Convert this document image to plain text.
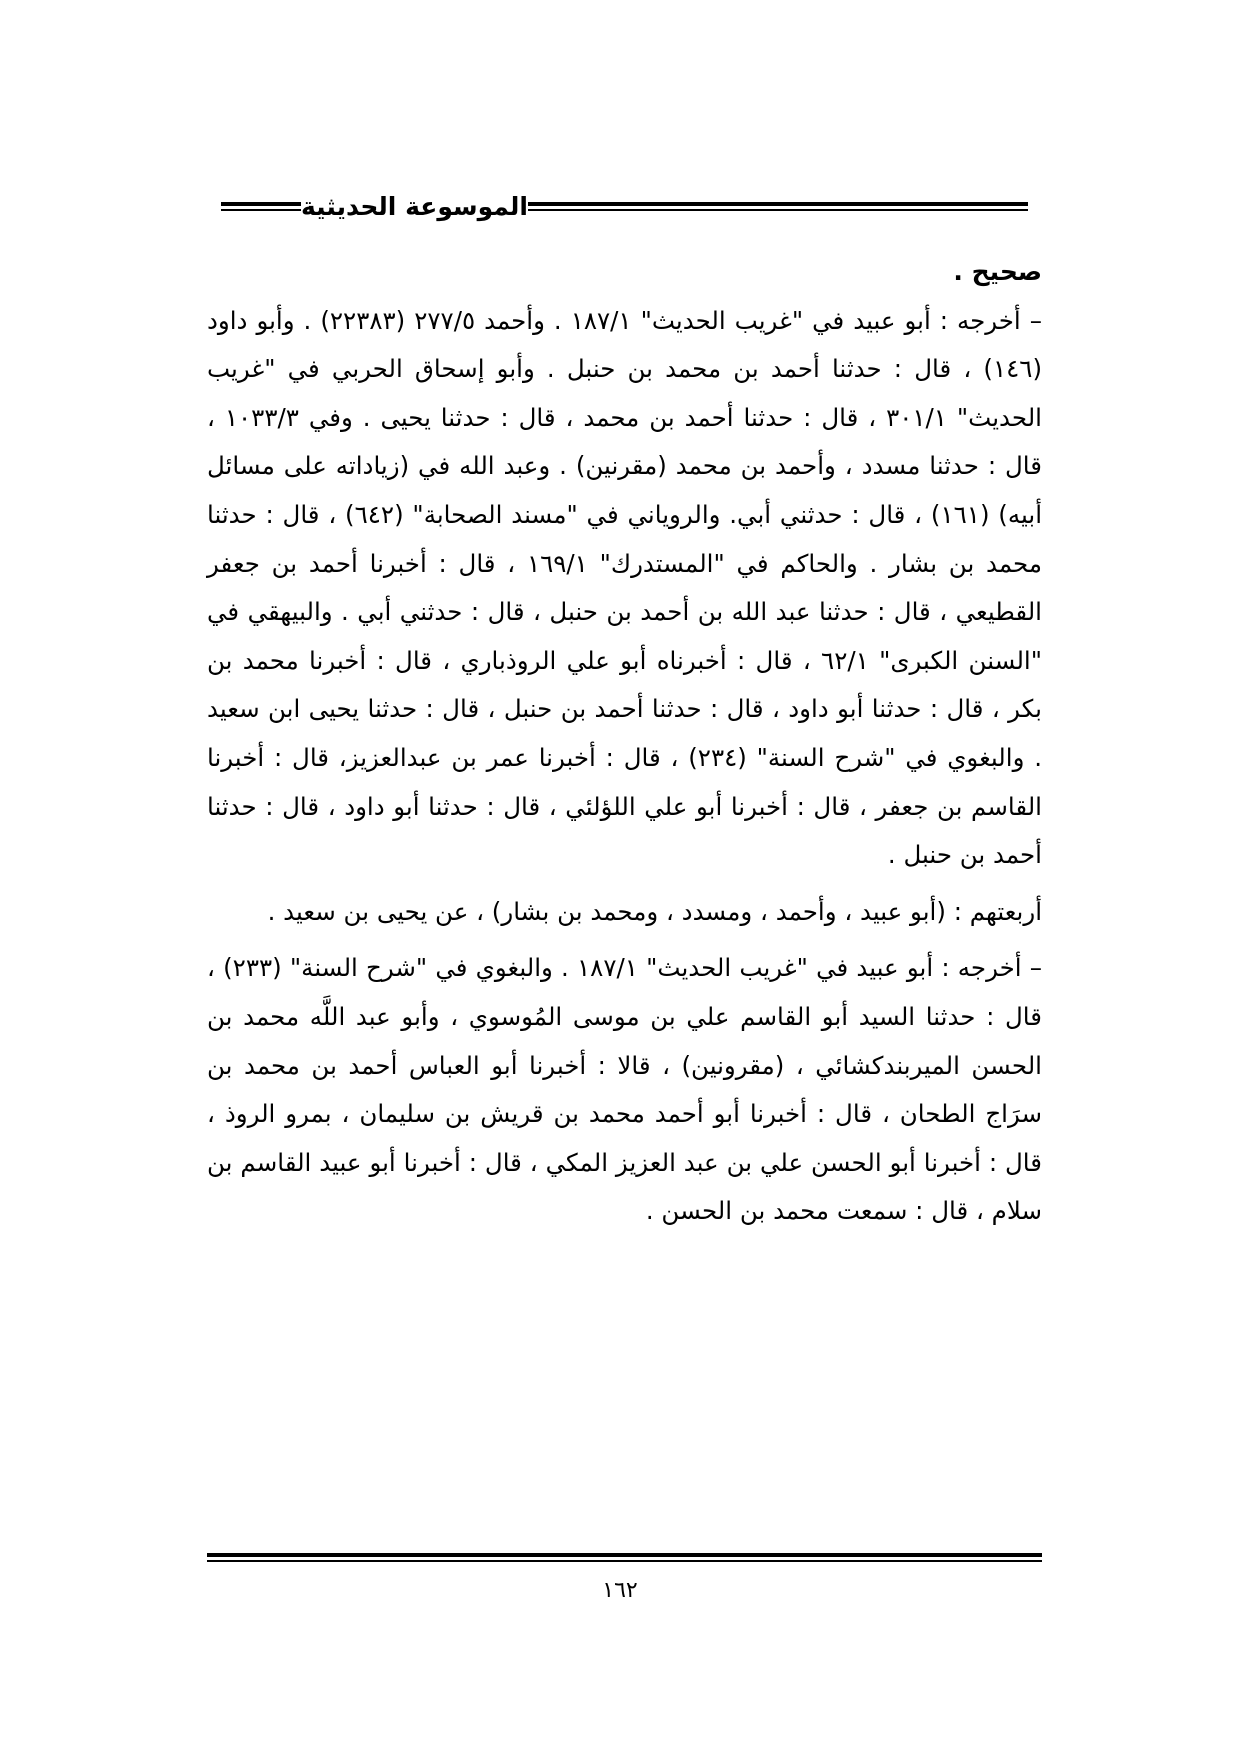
الموسوعة الحديثية

صحيح .

– أخرجه : أبو عبيد في "غريب الحديث" ١٨٧/١ . وأحمد ٢٧٧/٥ (٢٢٣٨٣) . وأبو داود (١٤٦) ، قال : حدثنا أحمد بن محمد بن حنبل . وأبو إسحاق الحربي في "غريب الحديث" ٣٠١/١ ، قال : حدثنا أحمد بن محمد ، قال : حدثنا يحيى . وفي ١٠٣٣/٣ ، قال : حدثنا مسدد ، وأحمد بن محمد (مقرنين) . وعبد الله في (زياداته على مسائل أبيه) (١٦١) ، قال : حدثني أبي. والروياني في "مسند الصحابة" (٦٤٢) ، قال : حدثنا محمد بن بشار . والحاكم في "المستدرك" ١٦٩/١ ، قال : أخبرنا أحمد بن جعفر القطيعي ، قال : حدثنا عبد الله بن أحمد بن حنبل ، قال : حدثني أبي . والبيهقي في "السنن الكبرى" ٦٢/١ ، قال : أخبرناه أبو علي الروذباري ، قال : أخبرنا محمد بن بكر ، قال : حدثنا أبو داود ، قال : حدثنا أحمد بن حنبل ، قال : حدثنا يحيى ابن سعيد . والبغوي في "شرح السنة" (٢٣٤) ، قال : أخبرنا عمر بن عبدالعزيز، قال : أخبرنا القاسم بن جعفر ، قال : أخبرنا أبو علي اللؤلئي ، قال : حدثنا أبو داود ، قال : حدثنا أحمد بن حنبل .

أربعتهم : (أبو عبيد ، وأحمد ، ومسدد ، ومحمد بن بشار) ، عن يحيى بن سعيد .

– أخرجه : أبو عبيد في "غريب الحديث" ١٨٧/١ . والبغوي في "شرح السنة" (٢٣٣) ، قال : حدثنا السيد أبو القاسم علي بن موسى المُوسوي ، وأبو عبد اللَّه محمد بن الحسن الميربندكشائي ، (مقرونين) ، قالا : أخبرنا أبو العباس أحمد بن محمد بن سرَاج الطحان ، قال : أخبرنا أبو أحمد محمد بن قريش بن سليمان ، بمرو الروذ ، قال : أخبرنا أبو الحسن علي بن عبد العزيز المكي ، قال : أخبرنا أبو عبيد القاسم بن سلام ، قال : سمعت محمد بن الحسن .

١٦٢
